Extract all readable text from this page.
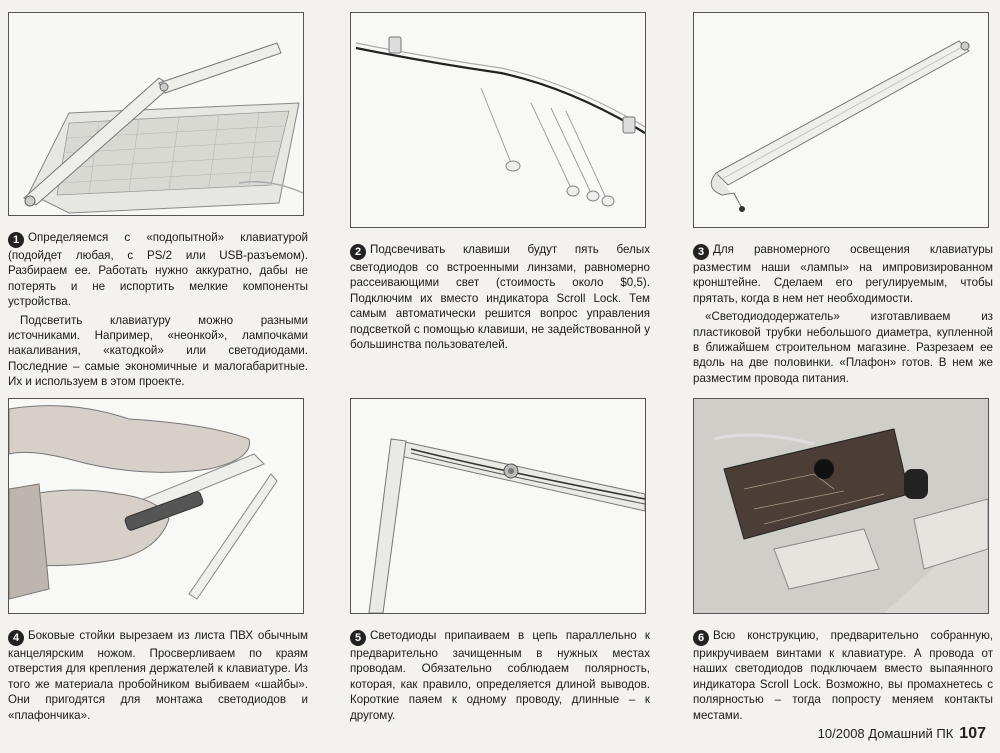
1 Определяемся с «подопытной» клавиатурой (подойдет любая, с PS/2 или USB-разъемом). Разбираем ее. Работать нужно аккуратно, дабы не потерять и не испортить мелкие компоненты устройства.

Подсветить клавиатуру можно разными источниками. Например, «неонкой», лампочками накаливания, «катодкой» или светодиодами. Последние – самые экономичные и малогабаритные. Их и используем в этом проекте.

2 Подсвечивать клавиши будут пять белых светодиодов со встроенными линзами, равномерно рассеивающими свет (стоимость около $0,5). Подключим их вместо индикатора Scroll Lock. Тем самым автоматически решится вопрос управления подсветкой с помощью клавиши, не задействованной у большинства пользователей.

3 Для равномерного освещения клавиатуры разместим наши «лампы» на импровизированном кронштейне. Сделаем его регулируемым, чтобы прятать, когда в нем нет необходимости.

«Светодиододержатель» изготавливаем из пластиковой трубки небольшого диаметра, купленной в ближайшем строительном магазине. Разрезаем ее вдоль на две половинки. «Плафон» готов. В нем же разместим провода питания.

4 Боковые стойки вырезаем из листа ПВХ обычным канцелярским ножом. Просверливаем по краям отверстия для крепления держателей к клавиатуре. Из того же материала пробойником выбиваем «шайбы». Они пригодятся для монтажа светодиодов и «плафончика».

5 Светодиоды припаиваем в цепь параллельно к предварительно зачищенным в нужных местах проводам. Обязательно соблюдаем полярность, которая, как правило, определяется длиной выводов. Короткие паяем к одному проводу, длинные – к другому.

6 Всю конструкцию, предварительно собранную, прикручиваем винтами к клавиатуре. А провода от наших светодиодов подключаем вместо выпаянного индикатора Scroll Lock. Возможно, вы промахнетесь с полярностью – тогда попросту меняем контакты местами.

10/2008 Домашний ПК 107
